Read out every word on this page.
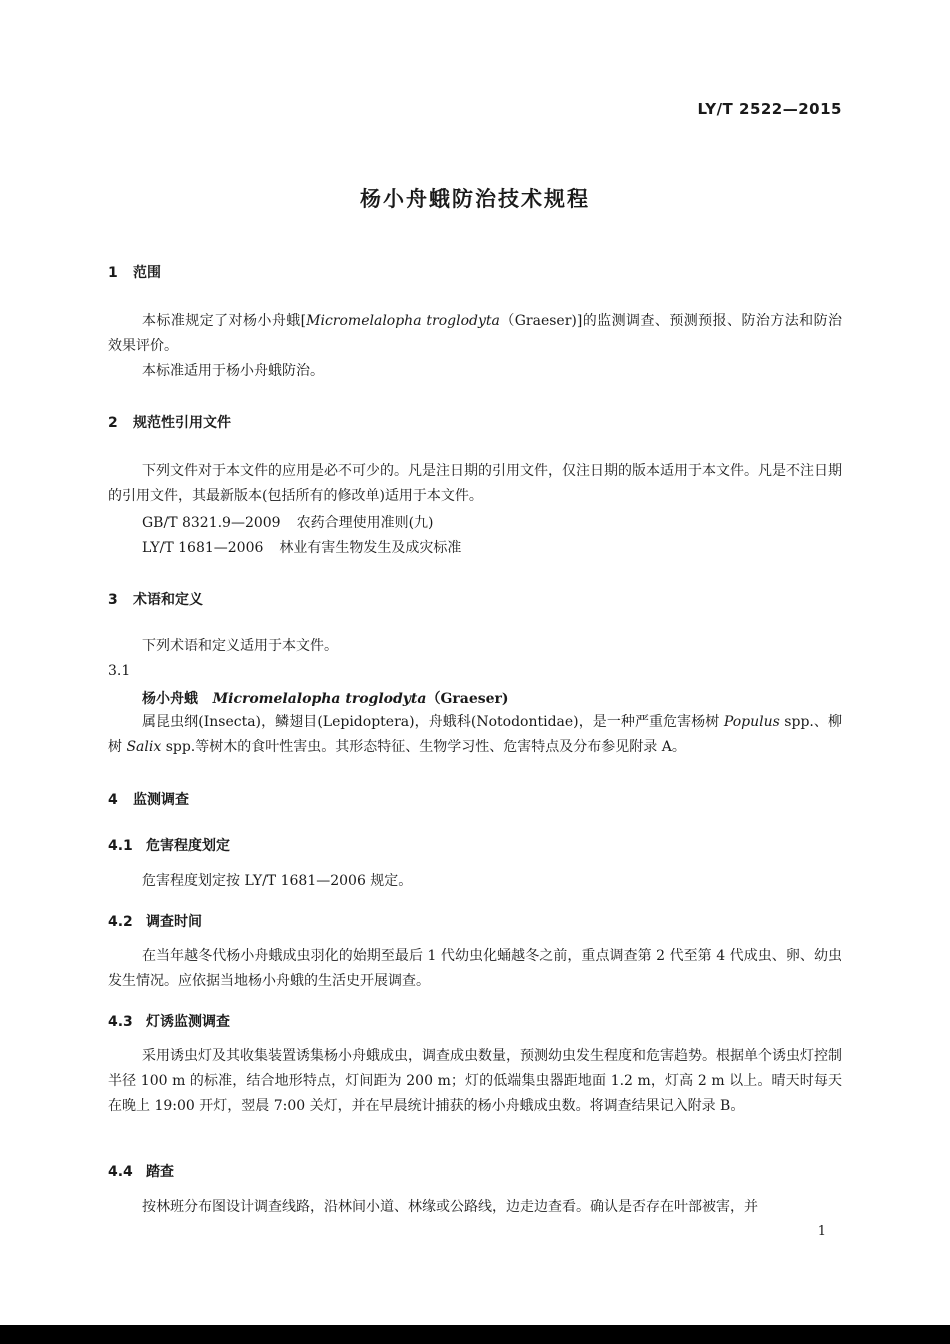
LY/T 2522—2015
杨小舟蛾防治技术规程
1 范围
本标准规定了对杨小舟蛾[Micromelalopha troglodyta（Graeser)]的监测调查、预测预报、防治方法和防治效果评价。
本标准适用于杨小舟蛾防治。
2 规范性引用文件
下列文件对于本文件的应用是必不可少的。凡是注日期的引用文件，仅注日期的版本适用于本文件。凡是不注日期的引用文件，其最新版本(包括所有的修改单)适用于本文件。
GB/T 8321.9—2009 农药合理使用准则(九)
LY/T 1681—2006 林业有害生物发生及成灾标准
3 术语和定义
下列术语和定义适用于本文件。
3.1
杨小舟蛾 Micromelalopha troglodyta（Graeser)
属昆虫纲(Insecta)，鳞翅目(Lepidoptera)，舟蛾科(Notodontidae)，是一种严重危害杨树 Populus spp.、柳树 Salix spp.等树木的食叶性害虫。其形态特征、生物学习性、危害特点及分布参见附录 A。
4 监测调查
4.1 危害程度划定
危害程度划定按 LY/T 1681—2006 规定。
4.2 调查时间
在当年越冬代杨小舟蛾成虫羽化的始期至最后 1 代幼虫化蛹越冬之前，重点调查第 2 代至第 4 代成虫、卵、幼虫发生情况。应依据当地杨小舟蛾的生活史开展调查。
4.3 灯诱监测调查
采用诱虫灯及其收集装置诱集杨小舟蛾成虫，调查成虫数量，预测幼虫发生程度和危害趋势。根据单个诱虫灯控制半径 100 m 的标准，结合地形特点，灯间距为 200 m；灯的低端集虫器距地面 1.2 m，灯高 2 m 以上。晴天时每天在晚上 19:00 开灯，翌晨 7:00 关灯，并在早晨统计捕获的杨小舟蛾成虫数。将调查结果记入附录 B。
4.4 踏查
按林班分布图设计调查线路，沿林间小道、林缘或公路线，边走边查看。确认是否存在叶部被害，并
1
